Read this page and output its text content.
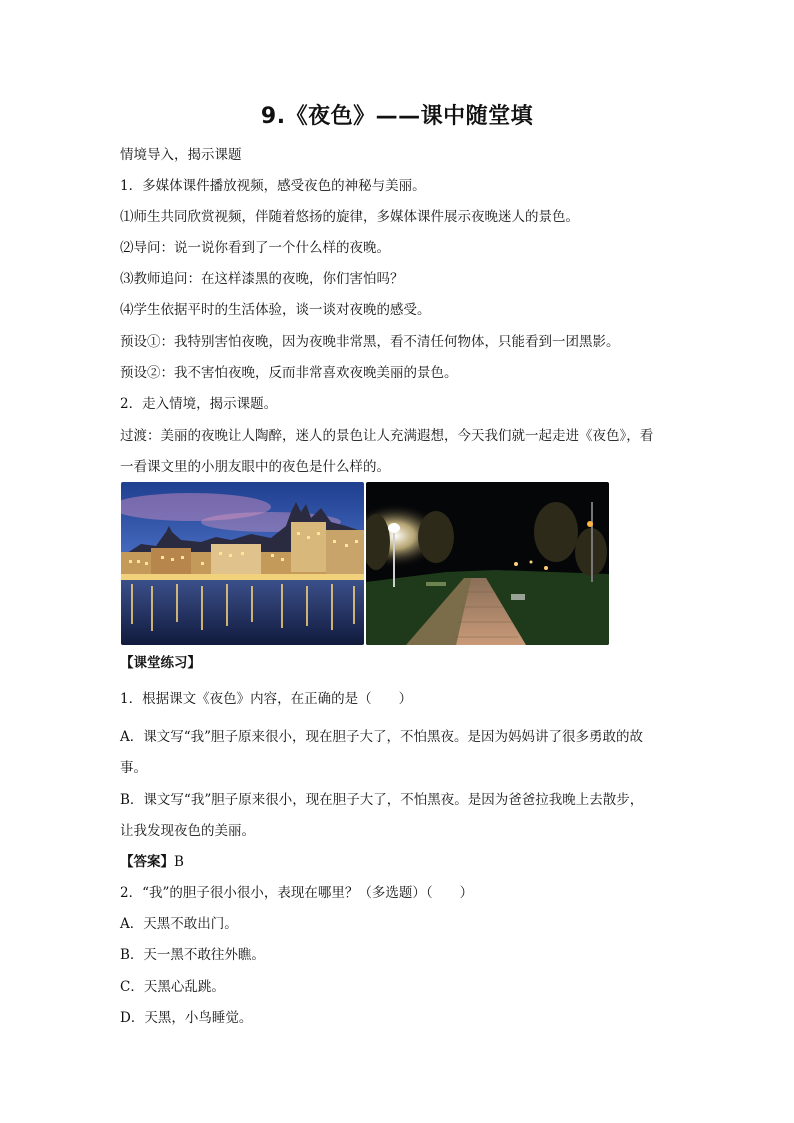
9.《夜色》——课中随堂填
情境导入，揭示课题
1．多媒体课件播放视频，感受夜色的神秘与美丽。
⑴师生共同欣赏视频，伴随着悠扬的旋律，多媒体课件展示夜晚迷人的景色。
⑵导问：说一说你看到了一个什么样的夜晚。
⑶教师追问：在这样漆黑的夜晚，你们害怕吗？
⑷学生依据平时的生活体验，谈一谈对夜晚的感受。
预设①：我特别害怕夜晚，因为夜晚非常黑，看不清任何物体，只能看到一团黑影。
预设②：我不害怕夜晚，反而非常喜欢夜晚美丽的景色。
2．走入情境，揭示课题。
过渡：美丽的夜晚让人陶醉，迷人的景色让人充满遐想，今天我们就一起走进《夜色》，看
一看课文里的小朋友眼中的夜色是什么样的。
【课堂练习】
1．根据课文《夜色》内容，在正确的是（　　）
A．课文写“我”胆子原来很小，现在胆子大了，不怕黑夜。是因为妈妈讲了很多勇敢的故
事。
B．课文写“我”胆子原来很小，现在胆子大了，不怕黑夜。是因为爸爸拉我晚上去散步，
让我发现夜色的美丽。
【答案】B
2．“我”的胆子很小很小，表现在哪里？（多选题）（　　）
A．天黑不敢出门。
B．天一黑不敢往外瞧。
C．天黑心乱跳。
D．天黑，小鸟睡觉。
